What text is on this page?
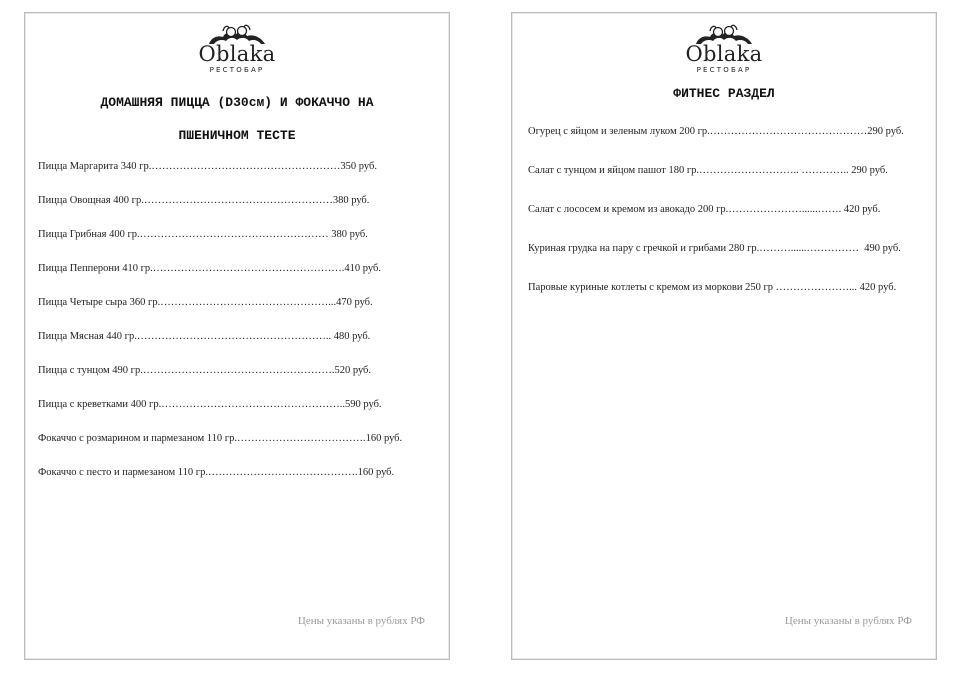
Oblaka
РЕСТОБАР
ДОМАШНЯЯ ПИЦЦА (D30см) И ФОКАЧЧО НА
ПШЕНИЧНОМ ТЕСТЕ
Пицца Маргарита 340 гр.………………………………………………350 руб.
Пицца Овощная 400 гр.………………………………………………380 руб.
Пицца Грибная 400 гр.……………………………………………… 380 руб.
Пицца Пепперони 410 гр.……………………………………………….410 руб.
Пицца Четыре сыра 360 гр.…………………………………………...470 руб.
Пицца Мясная 440 гр.……………………………………………….. 480 руб.
Пицца с тунцом 490 гр.……………………………………………….520 руб.
Пицца с креветками 400 гр.……………………………………………..590 руб.
Фокаччо с розмарином и пармезаном 110 гр.……………………………….160 руб.
Фокаччо с песто и пармезаном 110 гр.…………………………………….160 руб.
Цены указаны в рублях РФ
Oblaka
РЕСТОБАР
ФИТНЕС РАЗДЕЛ
Огурец с яйцом и зеленым луком 200 гр.………………………………………290 руб.
Салат с тунцом и яйцом пашот 180 гр.……………………….. ………….. 290 руб.
Салат с лососем и кремом из авокадо 200 гр.…………………......……. 420 руб.
Куриная грудка на пару с гречкой и грибами 280 гр.………......……………  490 руб.
Паровые куриные котлеты с кремом из моркови 250 гр …………………... 420 руб.
Цены указаны в рублях РФ
